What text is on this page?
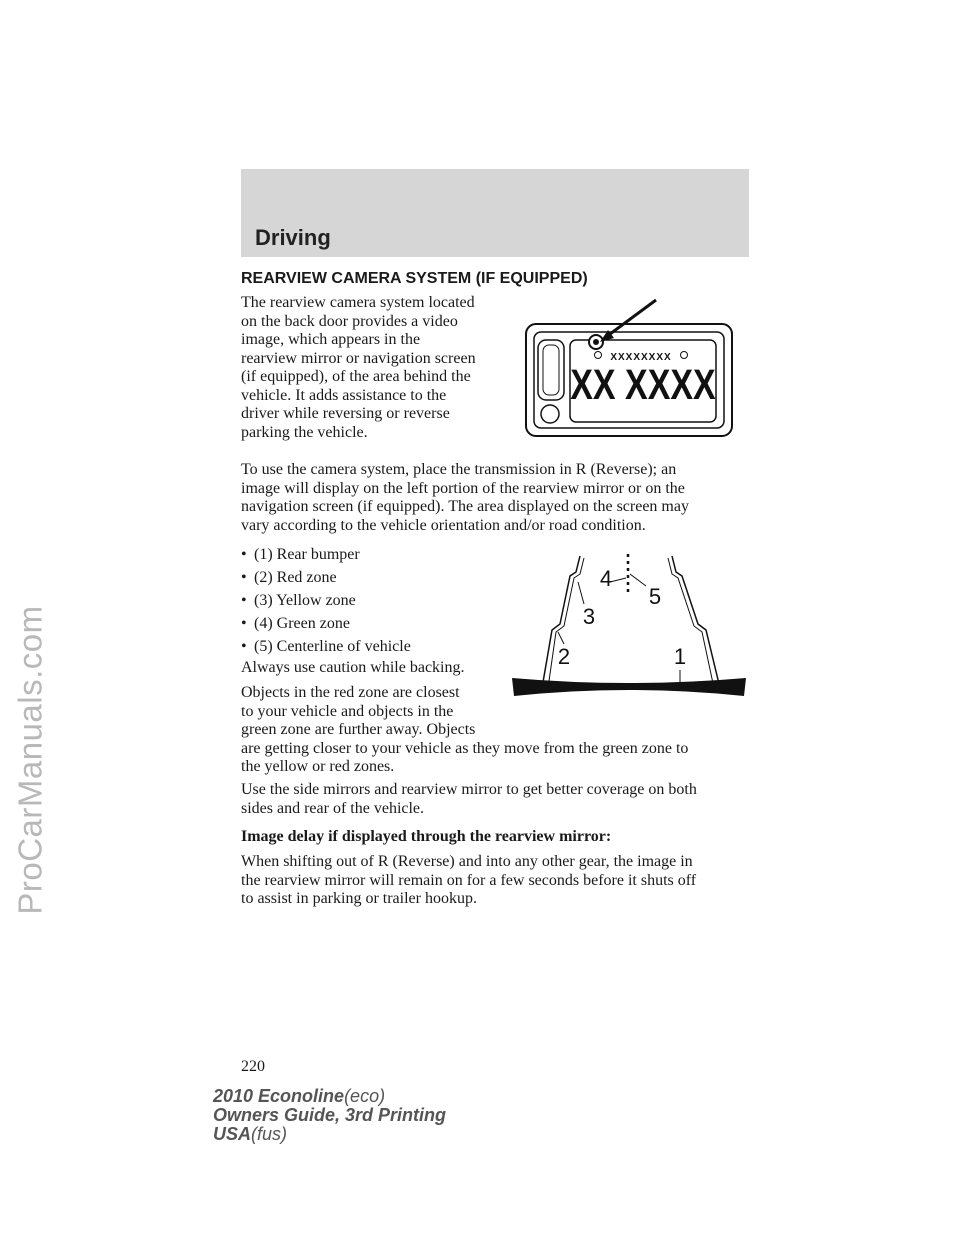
ProCarManuals.com
Driving
REARVIEW CAMERA SYSTEM (IF EQUIPPED)
The rearview camera system located
on the back door provides a video
image, which appears in the
rearview mirror or navigation screen
(if equipped), of the area behind the
vehicle. It adds assistance to the
driver while reversing or reverse
parking the vehicle.
XXXXXXXX
XX XXXX
To use the camera system, place the transmission in R (Reverse); an
image will display on the left portion of the rearview mirror or on the
navigation screen (if equipped). The area displayed on the screen may
vary according to the vehicle orientation and/or road condition.
• (1) Rear bumper
• (2) Red zone
• (3) Yellow zone
• (4) Green zone
• (5) Centerline of vehicle	1
2
3
4
5
Always use caution while backing.
Objects in the red zone are closest
to your vehicle and objects in the
green zone are further away. Objects
are getting closer to your vehicle as they move from the green zone to
the yellow or red zones.
Use the side mirrors and rearview mirror to get better coverage on both
sides and rear of the vehicle.
Image delay if displayed through the rearview mirror:
When shifting out of R (Reverse) and into any other gear, the image in
the rearview mirror will remain on for a few seconds before it shuts off
to assist in parking or trailer hookup.
220
2010 Econoline(eco)
Owners Guide, 3rd Printing
USA(fus)
